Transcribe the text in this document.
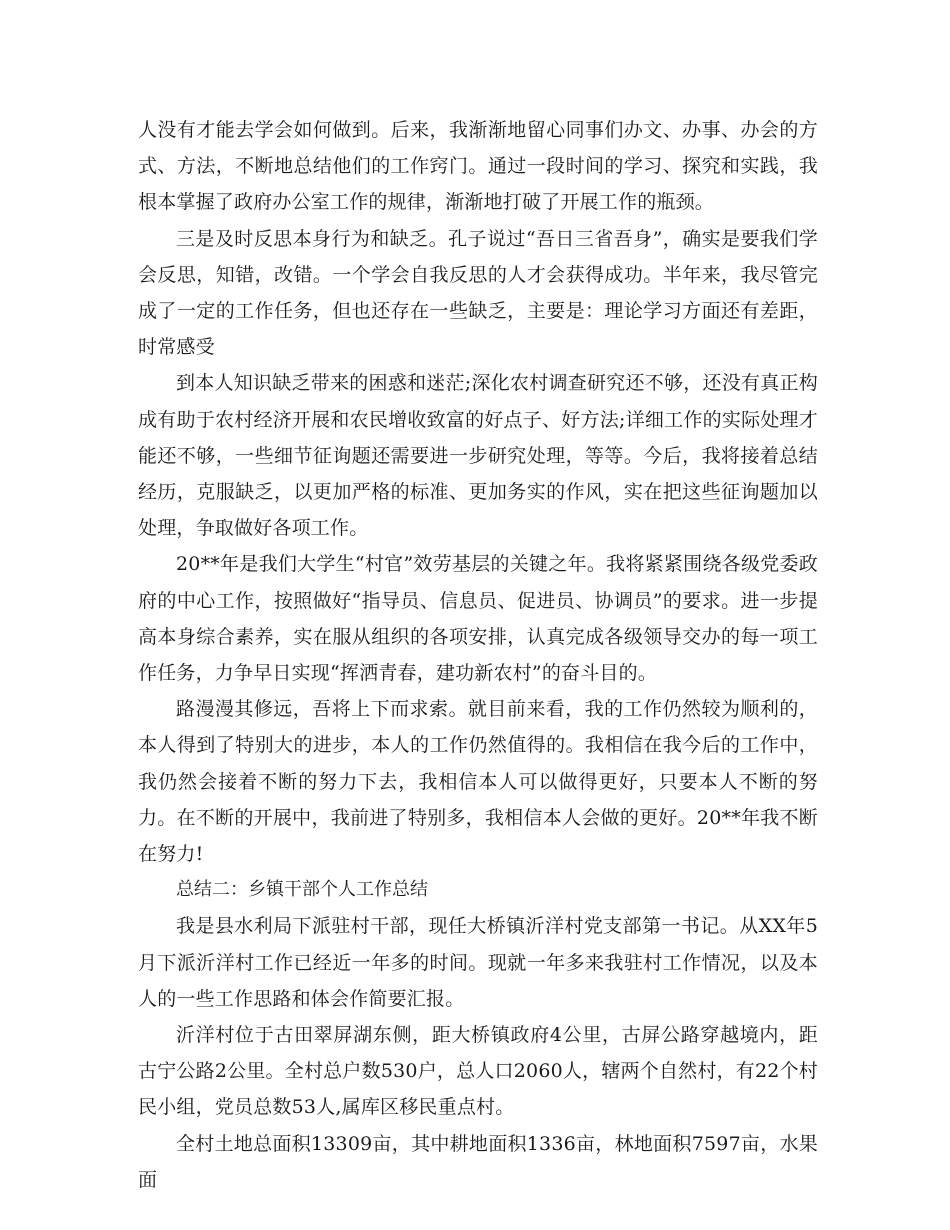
人没有才能去学会如何做到。后来，我渐渐地留心同事们办文、办事、办会的方式、方法，不断地总结他们的工作窍门。通过一段时间的学习、探究和实践，我根本掌握了政府办公室工作的规律，渐渐地打破了开展工作的瓶颈。

三是及时反思本身行为和缺乏。孔子说过“吾日三省吾身”，确实是要我们学会反思，知错，改错。一个学会自我反思的人才会获得成功。半年来，我尽管完成了一定的工作任务，但也还存在一些缺乏，主要是：理论学习方面还有差距，时常感受

到本人知识缺乏带来的困惑和迷茫;深化农村调查研究还不够，还没有真正构成有助于农村经济开展和农民增收致富的好点子、好方法;详细工作的实际处理才能还不够，一些细节征询题还需要进一步研究处理，等等。今后，我将接着总结经历，克服缺乏，以更加严格的标准、更加务实的作风，实在把这些征询题加以处理，争取做好各项工作。

20**年是我们大学生“村官”效劳基层的关键之年。我将紧紧围绕各级党委政府的中心工作，按照做好“指导员、信息员、促进员、协调员”的要求。进一步提高本身综合素养，实在服从组织的各项安排，认真完成各级领导交办的每一项工作任务，力争早日实现“挥洒青春，建功新农村”的奋斗目的。

路漫漫其修远，吾将上下而求索。就目前来看，我的工作仍然较为顺利的，本人得到了特别大的进步，本人的工作仍然值得的。我相信在我今后的工作中，我仍然会接着不断的努力下去，我相信本人可以做得更好，只要本人不断的努力。在不断的开展中，我前进了特别多，我相信本人会做的更好。20**年我不断在努力!

总结二：乡镇干部个人工作总结

我是县水利局下派驻村干部，现任大桥镇沂洋村党支部第一书记。从XX年5月下派沂洋村工作已经近一年多的时间。现就一年多来我驻村工作情况，以及本人的一些工作思路和体会作简要汇报。

沂洋村位于古田翠屏湖东侧，距大桥镇政府4公里，古屏公路穿越境内，距古宁公路2公里。全村总户数530户，总人口2060人，辖两个自然村，有22个村民小组，党员总数53人,属库区移民重点村。

全村土地总面积13309亩，其中耕地面积1336亩，林地面积7597亩，水果面
